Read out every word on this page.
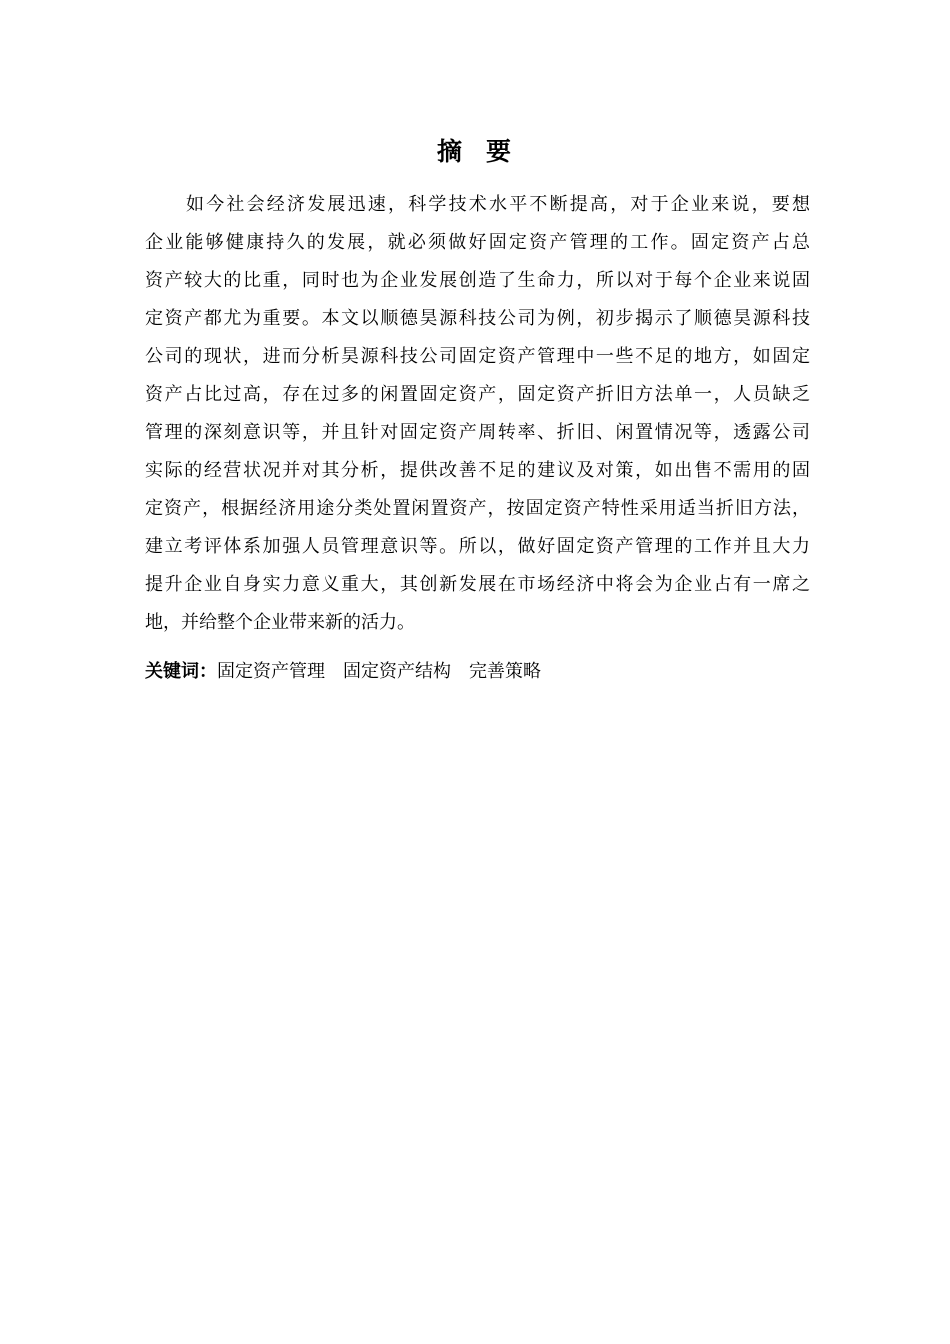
摘 要
如今社会经济发展迅速，科学技术水平不断提高，对于企业来说，要想
企业能够健康持久的发展，就必须做好固定资产管理的工作。固定资产占总
资产较大的比重，同时也为企业发展创造了生命力，所以对于每个企业来说固
定资产都尤为重要。本文以顺德昊源科技公司为例，初步揭示了顺德昊源科技
公司的现状，进而分析昊源科技公司固定资产管理中一些不足的地方，如固定
资产占比过高，存在过多的闲置固定资产，固定资产折旧方法单一，人员缺乏
管理的深刻意识等，并且针对固定资产周转率、折旧、闲置情况等，透露公司
实际的经营状况并对其分析，提供改善不足的建议及对策，如出售不需用的固
定资产，根据经济用途分类处置闲置资产，按固定资产特性采用适当折旧方法，
建立考评体系加强人员管理意识等。所以，做好固定资产管理的工作并且大力
提升企业自身实力意义重大，其创新发展在市场经济中将会为企业占有一席之
地，并给整个企业带来新的活力。
关键词：固定资产管理 固定资产结构 完善策略
